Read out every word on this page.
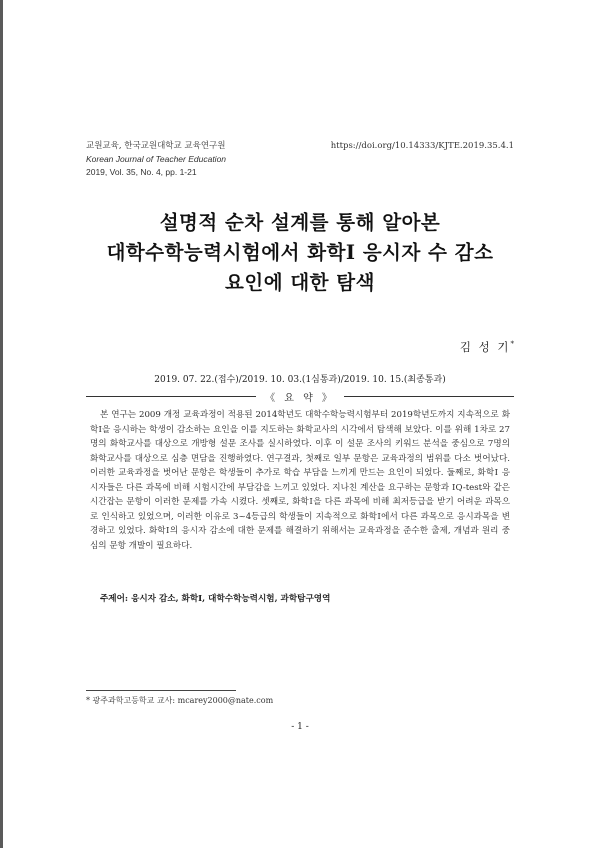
교원교육, 한국교원대학교 교육연구원
Korean Journal of Teacher Education
2019, Vol. 35, No. 4, pp. 1-21
https://doi.org/10.14333/KJTE.2019.35.4.1
설명적 순차 설계를 통해 알아본
대학수학능력시험에서 화학Ⅰ 응시자 수 감소
요인에 대한 탐색
김 성 기*
2019. 07. 22.(접수)/2019. 10. 03.(1심통과)/2019. 10. 15.(최종통과)
《 요 약 》

본 연구는 2009 개정 교육과정이 적용된 2014학년도 대학수학능력시험부터 2019학년도까지 지속적으로 화학Ⅰ을 응시하는 학생이 감소하는 요인을 이를 지도하는 화학교사의 시각에서 탐색해 보았다. 이를 위해 1차로 27명의 화학교사를 대상으로 개방형 설문 조사를 실시하였다. 이후 이 설문 조사의 키워드 분석을 중심으로 7명의 화학교사를 대상으로 심층 면담을 진행하였다. 연구결과, 첫째로 일부 문항은 교육과정의 범위를 다소 벗어났다. 이러한 교육과정을 벗어난 문항은 학생들이 추가로 학습 부담을 느끼게 만드는 요인이 되었다. 둘째로, 화학Ⅰ 응시자들은 다른 과목에 비해 시험시간에 부담감을 느끼고 있었다. 지나친 계산을 요구하는 문항과 IQ-test와 같은 시간잡는 문항이 이러한 문제를 가속 시켰다. 셋째로, 화학Ⅰ을 다른 과목에 비해 최저등급을 받기 어려운 과목으로 인식하고 있었으며, 이러한 이유로 3~4등급의 학생들이 지속적으로 화학Ⅰ에서 다른 과목으로 응시과목을 변경하고 있었다. 화학Ⅰ의 응시자 감소에 대한 문제를 해결하기 위해서는 교육과정을 준수한 출제, 개념과 원리 중심의 문항 개발이 필요하다.

주제어: 응시자 감소, 화학Ⅰ, 대학수학능력시험, 과학탐구영역
* 광주과학고등학교 교사: mcarey2000@nate.com
- 1 -
